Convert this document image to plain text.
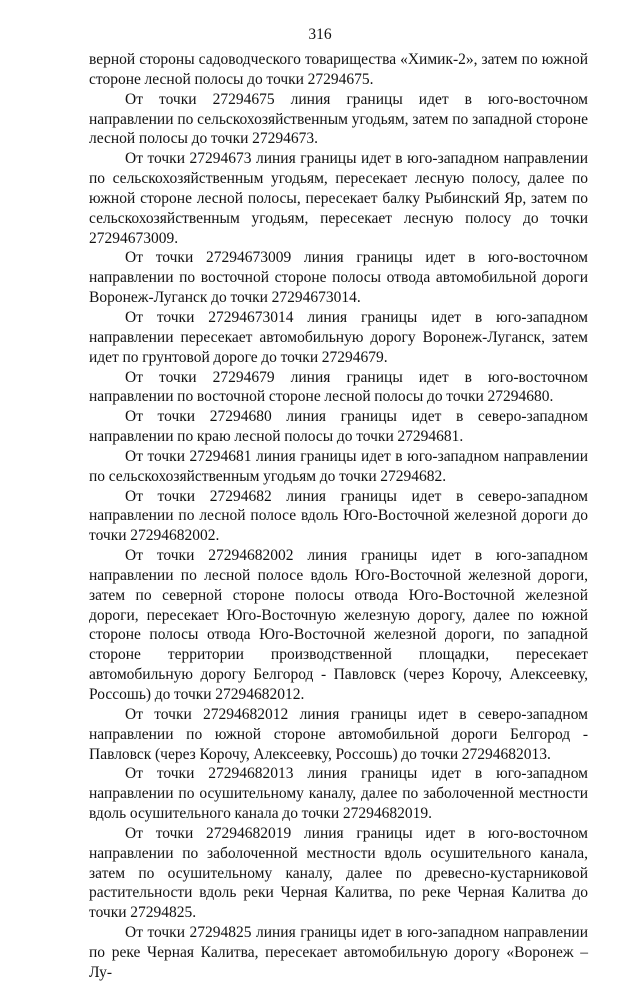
316

верной стороны садоводческого товарищества «Химик-2», затем по южной стороне лесной полосы до точки 27294675.

От точки 27294675 линия границы идет в юго-восточном направлении по сельскохозяйственным угодьям, затем по западной стороне лесной полосы до точки 27294673.

От точки 27294673 линия границы идет в юго-западном направлении по сельскохозяйственным угодьям, пересекает лесную полосу, далее по южной стороне лесной полосы, пересекает балку Рыбинский Яр, затем по сельскохозяйственным угодьям, пересекает лесную полосу до точки 27294673009.

От точки 27294673009 линия границы идет в юго-восточном направлении по восточной стороне полосы отвода автомобильной дороги Воронеж-Луганск до точки 27294673014.

От точки 27294673014 линия границы идет в юго-западном направлении пересекает автомобильную дорогу Воронеж-Луганск, затем идет по грунтовой дороге до точки 27294679.

От точки 27294679 линия границы идет в юго-восточном направлении по восточной стороне лесной полосы до точки 27294680.

От точки 27294680 линия границы идет в северо-западном направлении по краю лесной полосы до точки 27294681.

От точки 27294681 линия границы идет в юго-западном направлении по сельскохозяйственным угодьям до точки 27294682.

От точки 27294682 линия границы идет в северо-западном направлении по лесной полосе вдоль Юго-Восточной железной дороги до точки 27294682002.

От точки 27294682002 линия границы идет в юго-западном направлении по лесной полосе вдоль Юго-Восточной железной дороги, затем по северной стороне полосы отвода Юго-Восточной железной дороги, пересекает Юго-Восточную железную дорогу, далее по южной стороне полосы отвода Юго-Восточной железной дороги, по западной стороне территории производственной площадки, пересекает автомобильную дорогу Белгород - Павловск (через Корочу, Алексеевку, Россошь) до точки 27294682012.

От точки 27294682012 линия границы идет в северо-западном направлении по южной стороне автомобильной дороги Белгород - Павловск (через Корочу, Алексеевку, Россошь) до точки 27294682013.

От точки 27294682013 линия границы идет в юго-западном направлении по осушительному каналу, далее по заболоченной местности вдоль осушительного канала до точки 27294682019.

От точки 27294682019 линия границы идет в юго-восточном направлении по заболоченной местности вдоль осушительного канала, затем по осушительному каналу, далее по древесно-кустарниковой растительности вдоль реки Черная Калитва, по реке Черная Калитва до точки 27294825.

От точки 27294825 линия границы идет в юго-западном направлении по реке Черная Калитва, пересекает автомобильную дорогу «Воронеж – Лу-
